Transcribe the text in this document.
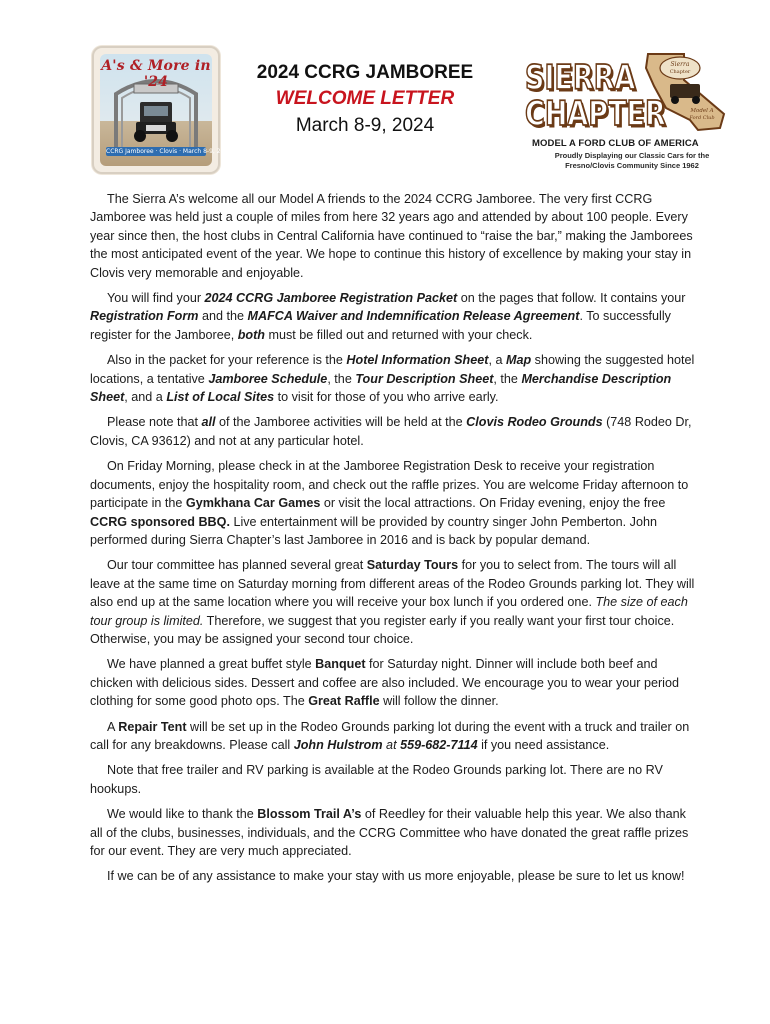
A's & More in '24
CCRG Jamboree · Clovis · March 8-9, 2024
2024 CCRG JAMBOREE
WELCOME LETTER
March 8-9, 2024
Sierra
Chapter
Model A
Ford Club
SIERRA
CHAPTER
MODEL A FORD CLUB OF AMERICA
Proudly Displaying our Classic Cars for the
Fresno/Clovis Community Since 1962

The Sierra A’s welcome all our Model A friends to the 2024 CCRG Jamboree. The very first CCRG Jamboree was held just a couple of miles from here 32 years ago and attended by about 100 people. Every year since then, the host clubs in Central California have continued to “raise the bar,” making the Jamborees the most anticipated event of the year. We hope to continue this history of excellence by making your stay in Clovis very memorable and enjoyable.

You will find your 2024 CCRG Jamboree Registration Packet on the pages that follow. It contains your Registration Form and the MAFCA Waiver and Indemnification Release Agreement. To successfully register for the Jamboree, both must be filled out and returned with your check.

Also in the packet for your reference is the Hotel Information Sheet, a Map showing the suggested hotel locations, a tentative Jamboree Schedule, the Tour Description Sheet, the Merchandise Description Sheet, and a List of Local Sites to visit for those of you who arrive early.

Please note that all of the Jamboree activities will be held at the Clovis Rodeo Grounds (748 Rodeo Dr, Clovis, CA 93612) and not at any particular hotel.

On Friday Morning, please check in at the Jamboree Registration Desk to receive your registration documents, enjoy the hospitality room, and check out the raffle prizes. You are welcome Friday afternoon to participate in the Gymkhana Car Games or visit the local attractions. On Friday evening, enjoy the free CCRG sponsored BBQ. Live entertainment will be provided by country singer John Pemberton. John performed during Sierra Chapter’s last Jamboree in 2016 and is back by popular demand.

Our tour committee has planned several great Saturday Tours for you to select from. The tours will all leave at the same time on Saturday morning from different areas of the Rodeo Grounds parking lot. They will also end up at the same location where you will receive your box lunch if you ordered one. The size of each tour group is limited. Therefore, we suggest that you register early if you really want your first tour choice. Otherwise, you may be assigned your second tour choice.

We have planned a great buffet style Banquet for Saturday night. Dinner will include both beef and chicken with delicious sides. Dessert and coffee are also included. We encourage you to wear your period clothing for some good photo ops. The Great Raffle will follow the dinner.

A Repair Tent will be set up in the Rodeo Grounds parking lot during the event with a truck and trailer on call for any breakdowns. Please call John Hulstrom at 559-682-7114 if you need assistance.

Note that free trailer and RV parking is available at the Rodeo Grounds parking lot. There are no RV hookups.

We would like to thank the Blossom Trail A’s of Reedley for their valuable help this year. We also thank all of the clubs, businesses, individuals, and the CCRG Committee who have donated the great raffle prizes for our event. They are very much appreciated.

If we can be of any assistance to make your stay with us more enjoyable, please be sure to let us know!
